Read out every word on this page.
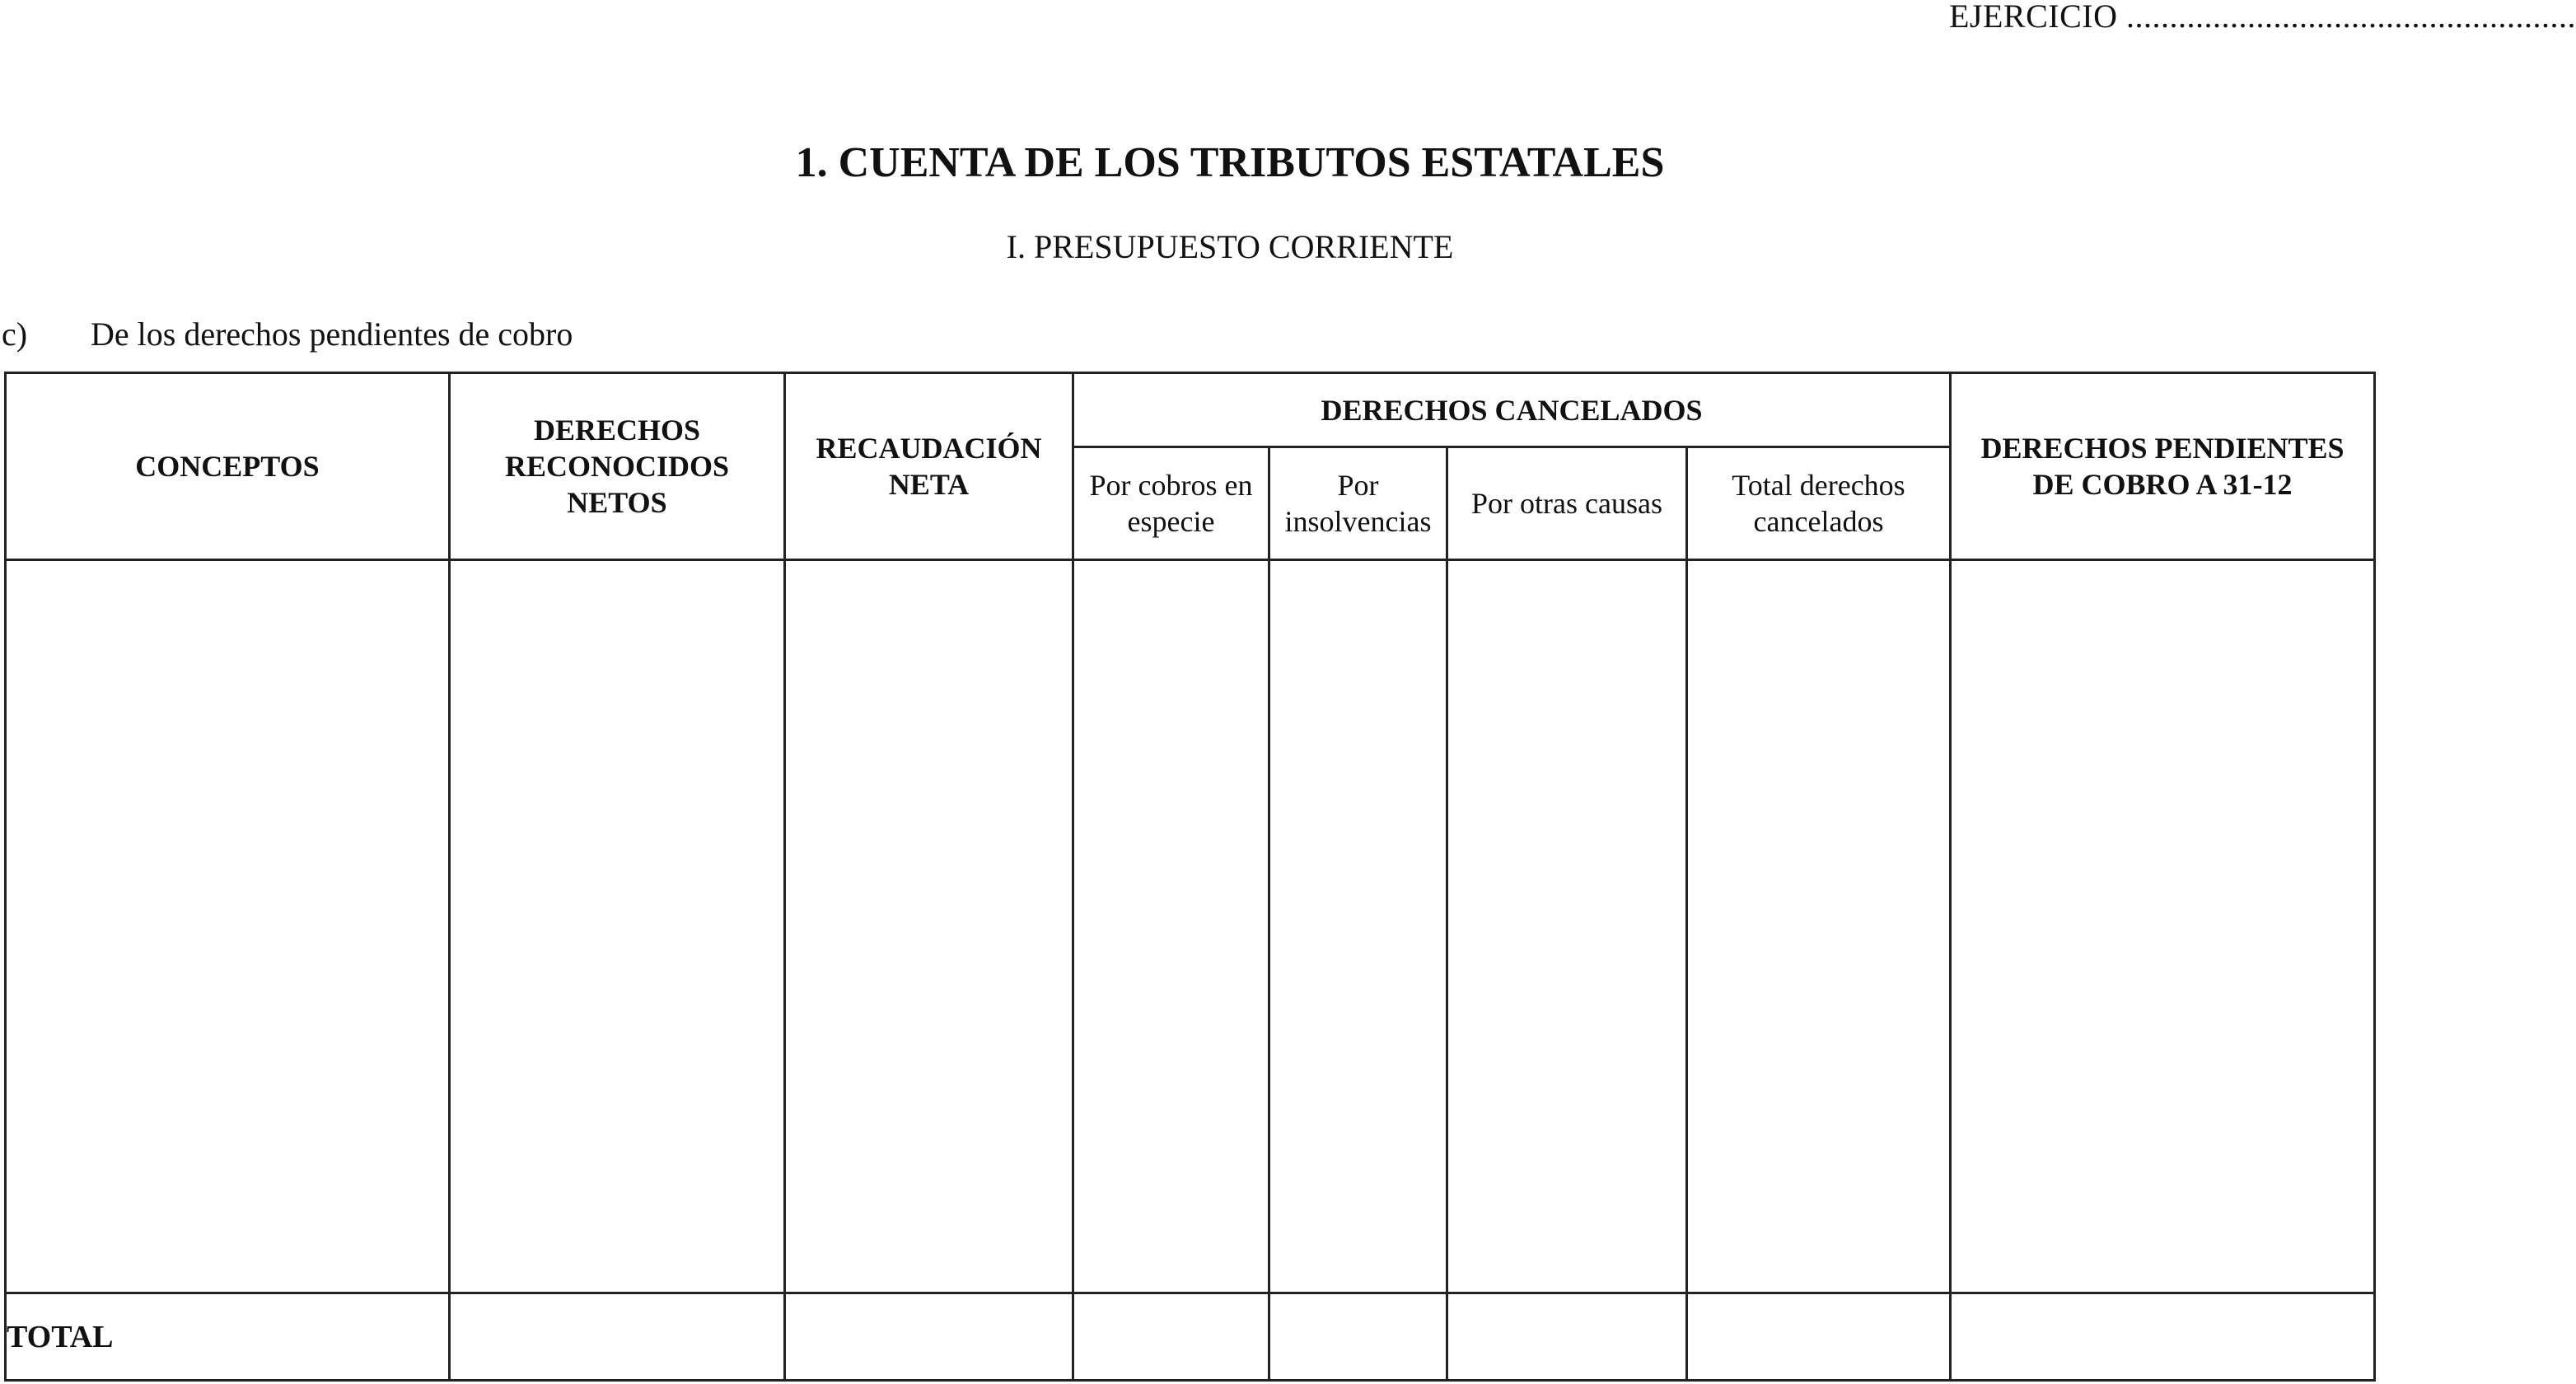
EJERCICIO ....................................................
1. CUENTA DE LOS TRIBUTOS ESTATALES
I. PRESUPUESTO CORRIENTE
c) De los derechos pendientes de cobro
CONCEPTOS	DERECHOS RECONOCIDOS NETOS	RECAUDACIÓN NETA	DERECHOS CANCELADOS				DERECHOS PENDIENTES DE COBRO A 31-12
			Por cobros en especie	Por insolvencias	Por otras causas	Total derechos cancelados	

TOTAL							
